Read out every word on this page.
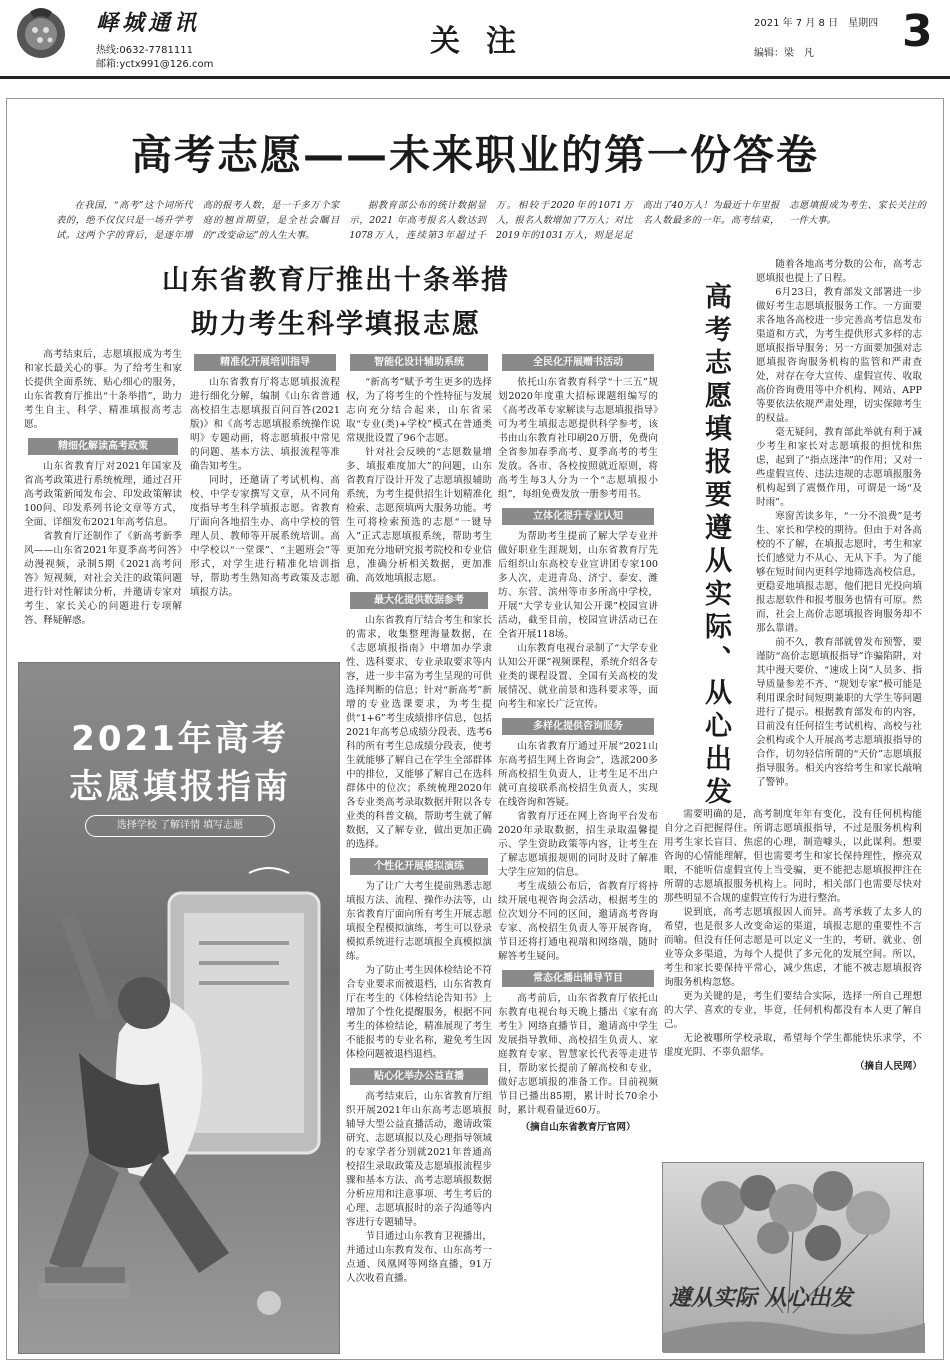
峄城通讯
热线:0632-7781111
邮箱:yctx991@126.com
关注
2021 年 7 月 8 日　星期四
编辑：梁　凡 3
高考志愿——未来职业的第一份答卷

在我国，“高考”这个词所代表的，绝不仅仅只是一场升学考试。这两个字的背后，是逐年增高的报考人数，是一千多万个家庭的翘首期望，是全社会瞩目的“改变命运”的人生大事。

据教育部公布的统计数据显示，2021 年高考报名人数达到1078万人，连续第3年超过千万。相较于2020年的1071万人，报名人数增加了7万人；对比2019年的1031万人，则是足足高出了40万人！为最近十年里报名人数最多的一年。高考结束，志愿填报成为考生、家长关注的一件大事。

山东省教育厅推出十条举措
助力考生科学填报志愿

高考结束后，志愿填报成为考生和家长最关心的事。为了给考生和家长提供全面系统、贴心细心的服务，山东省教育厅推出“十条举措”，助力考生自主、科学、精准填报高考志愿。

精细化解读高考政策

山东省教育厅对2021年国家及省高考政策进行系统梳理，通过召开高考政策新闻发布会、印发政策解读100问、印发系列书论文章等方式，全面、详细发布2021年高考信息。

省教育厅还制作了《新高考新季风——山东省2021年夏季高考问答》动漫视频，录制5期《2021高考问答》短视频，对社会关注的政策问题进行针对性解读分析，并邀请专家对考生、家长关心的问题进行专项解答、释疑解惑。

精准化开展培训指导

山东省教育厅将志愿填报流程进行细化分解，编制《山东省普通高校招生志愿填报百问百答(2021版)》和《高考志愿填报系统操作说明》专题动画，将志愿填报中常见的问题、基本方法、填报流程等准确告知考生。

同时，还邀请了考试机构、高校、中学专家撰写文章，从不同角度指导考生科学填报志愿。省教育厅面向各地招生办、高中学校的管理人员、教师等开展系统培训。高中学校以“一堂课”、“主题班会”等形式，对学生进行精准化培训指导，帮助考生熟知高考政策及志愿填报方法。

智能化设计辅助系统

“新高考”赋予考生更多的选择权，为了将考生的个性特征与发展志向充分结合起来，山东省采取“专业(类)+学校”模式在普通类常规批设置了96个志愿。

针对社会反映的“志愿数量增多、填报难度加大”的问题，山东省教育厅设计开发了志愿填报辅助系统，为考生提供招生计划精准化检索、志愿预填两大服务功能。考生可将检索预选的志愿“一键导入”正式志愿填报系统，帮助考生更加充分地研究报考院校和专业信息，准确分析相关数据，更加准确、高效地填报志愿。

最大化提供数据参考

山东省教育厅结合考生和家长的需求，收集整理海量数据，在《志愿填报指南》中增加办学隶性、选科要求、专业录取要求等内容，进一步丰富为考生呈现的可供选择判断的信息；针对“新高考”新增的专业选课要求，为考生提供“1+6”考生成绩排序信息，包括2021年高考总成绩分段表、选考6科的所有考生总成绩分段表，使考生就能够了解自己在学生全部群体中的排位，又能够了解自己在选科群体中的位次；系统梳理2020年各专业类高考录取数据并附以各专业类的科普文稿，帮助考生就了解数据，又了解专业，做出更加正确的选择。

个性化开展模拟演练

为了让广大考生提前熟悉志愿填报方法、流程、操作办法等，山东省教育厅面向所有考生开展志愿填报全程模拟演练，考生可以登录模拟系统进行志愿填报全真模拟演练。

为了防止考生因体检结论不符合专业要求而被退档，山东省教育厅在考生的《体检结论告知书》上增加了个性化提醒服务，根据不同考生的体检结论，精准展现了考生不能报考的专业名称，避免考生因体检问题被退档退档。

贴心化举办公益直播

高考结束后，山东省教育厅组织开展2021年山东高考志愿填报辅导大型公益直播活动，邀请政策研究、志愿填报以及心理指导领域的专家学者分别就2021年普通高校招生录取政策及志愿填报流程步骤和基本方法、高考志愿填报数据分析应用和注意事项、考生考后的心理、志愿填报时的亲子沟通等内容进行专题辅导。

节目通过山东教育卫视播出，并通过山东教育发布、山东高考一点通、凤凰网等网络直播，91万人次收看直播。

全民化开展赠书活动

依托山东省教育科学“十三五”规划2020年度重大招标课题组编写的《高考改革专家解读与志愿填报指导》可为考生填报志愿提供科学参考，该书由山东教育社印刷20万册，免费向全省参加春季高考、夏季高考的考生发放。各市、各校按照就近原则，将高考生每3人分为一个“志愿填报小组”，每组免费发放一册参考用书。

立体化提升专业认知

为帮助考生提前了解大学专业并做好职业生涯规划，山东省教育厅先后组织山东高校专业宣讲团专家100多人次，走进青岛、济宁、泰安、潍坊、东营、滨州等市多所高中学校，开展“大学专业认知公开课”校园宣讲活动，截至目前，校园宣讲活动已在全省开展118场。

山东教育电视台录制了“大学专业认知公开课”视频课程，系统介绍各专业类的课程设置、全国有关高校的发展情况、就业前景和选科要求等，面向考生和家长广泛宣传。

多样化提供咨询服务

山东省教育厅通过开展“2021山东高考招生网上咨询会”，选派200多所高校招生负责人，让考生足不出户就可直接联系高校招生负责人，实现在线咨询和答疑。

省教育厅还在网上咨询平台发布2020年录取数据，招生录取温馨提示、学生资助政策等内容，让考生在了解志愿填报规则的同时及时了解准大学生应知的信息。

考生成绩公布后，省教育厅将持续开展电视咨询会活动，根据考生的位次划分不同的区间，邀请高考咨询专家、高校招生负责人等开展咨询，节目还将打通电视端和网络端，随时解答考生疑问。

常态化播出辅导节目

高考前后，山东省教育厅依托山东教育电视台每天晚上播出《家有高考生》网络直播节目，邀请高中学生发展指导教师、高校招生负责人、家庭教育专家、智慧家长代表等走进节目，帮助家长提前了解高校和专业，做好志愿填报的准备工作。目前视频节目已播出85期，累计时长70余小时，累计观看量近60万。

（摘自山东省教育厅官网）

2021年高考
志愿填报指南
选择学校 了解详情 填写志愿
高考志愿填报要遵从实际、从心出发

随着各地高考分数的公布，高考志愿填报也提上了日程。

6月23日，教育部发文部署进一步做好考生志愿填报服务工作。一方面要求各地各高校进一步完善高考信息发布渠道和方式，为考生提供形式多样的志愿填报指导服务；另一方面要加强对志愿填报咨询服务机构的监管和严肃查处，对存在夸大宣传、虚假宣传、收取高价咨询费用等中介机构、网站、APP等要依法依规严肃处理，切实保障考生的权益。

毫无疑问，教育部此举就有利于减少考生和家长对志愿填报的担忧和焦虑，起到了“指点迷津”的作用；又对一些虚假宣传、违法违规的志愿填报服务机构起到了震慑作用，可谓是一场“及时雨”。

寒窗苦读多年，“一分不浪费”是考生、家长和学校的期待。但由于对各高校的不了解，在填报志愿时，考生和家长们感觉力不从心、无从下手。为了能够在短时间内更科学地筛选高校信息，更稳妥地填报志愿，他们把目光投向填报志愿软件和报考服务也情有可原。然而，社会上高价志愿填报咨询服务却不那么靠谱。

前不久，教育部就曾发布预警，要谨防“高价志愿填报指导”诈骗陷阱，对其中漫天要价、“速成上岗”人员多、指导质量参差不齐、“规划专家”极可能是利用课余时间短期兼职的大学生等问题进行了提示。根据教育部发布的内容，目前没有任何招生考试机构、高校与社会机构或个人开展高考志愿填报指导的合作，切勿轻信所谓的“天价”志愿填报指导服务。相关内容给考生和家长敲响了警钟。

需要明确的是，高考制度年年有变化，没有任何机构能自分之百把握得住。所谓志愿填报指导，不过是服务机构利用考生家长盲目、焦虑的心理，制造噱头，以此谋利。想要咨询的心情能理解，但也需要考生和家长保持理性，擦亮双眼，不能听信虚假宣传上当受骗，更不能把志愿填报押注在所谓的志愿填报服务机构上。同时，相关部门也需要尽快对那些明显不合规的虚假宣传行为进行整治。

说到底，高考志愿填报因人而异。高考承载了太多人的希望，也是很多人改变命运的渠道，填报志愿的重要性不言而喻。但没有任何志愿是可以定义一生的，考研、就业、创业等众多渠道，为每个人提供了多元化的发展空间。所以，考生和家长要保持平常心，减少焦虑，才能不被志愿填报咨询服务机构忽悠。

更为关键的是，考生们要结合实际，选择一所自己理想的大学、喜欢的专业，毕竟，任何机构都没有本人更了解自己。

无论被哪所学校录取，希望每个学生都能快乐求学，不虚度光阴、不辜负韶华。

（摘自人民网）

遵从实际 从心出发
